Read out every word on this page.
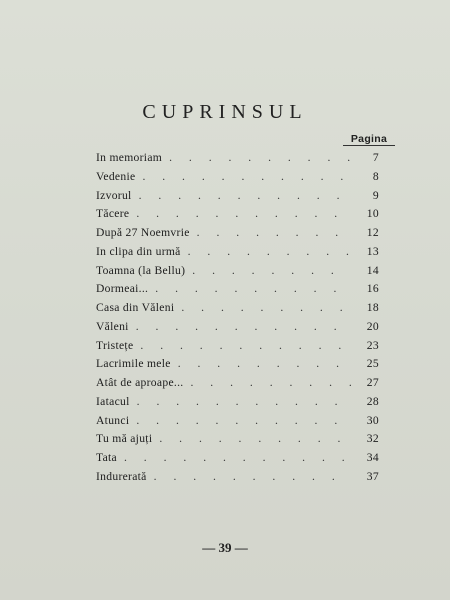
CUPRINSUL
Pagina
In memoriam . . .	7
Vedenie . . .	8
Izvorul . . .	9
Tăcere . . .	10
După 27 Noemvrie . . .	12
In clipa din urmă . . .	13
Toamna (la Bellu) . . .	14
Dormeai... . . .	16
Casa din Văleni . . .	18
Văleni . . .	20
Tristețe . . .	23
Lacrimile mele . . .	25
Atât de aproape... . . .	27
Iatacul . . .	28
Atunci . . .	30
Tu mă ajuți . . .	32
Tata . . .	34
Indurerată . . .	37
— 39 —
